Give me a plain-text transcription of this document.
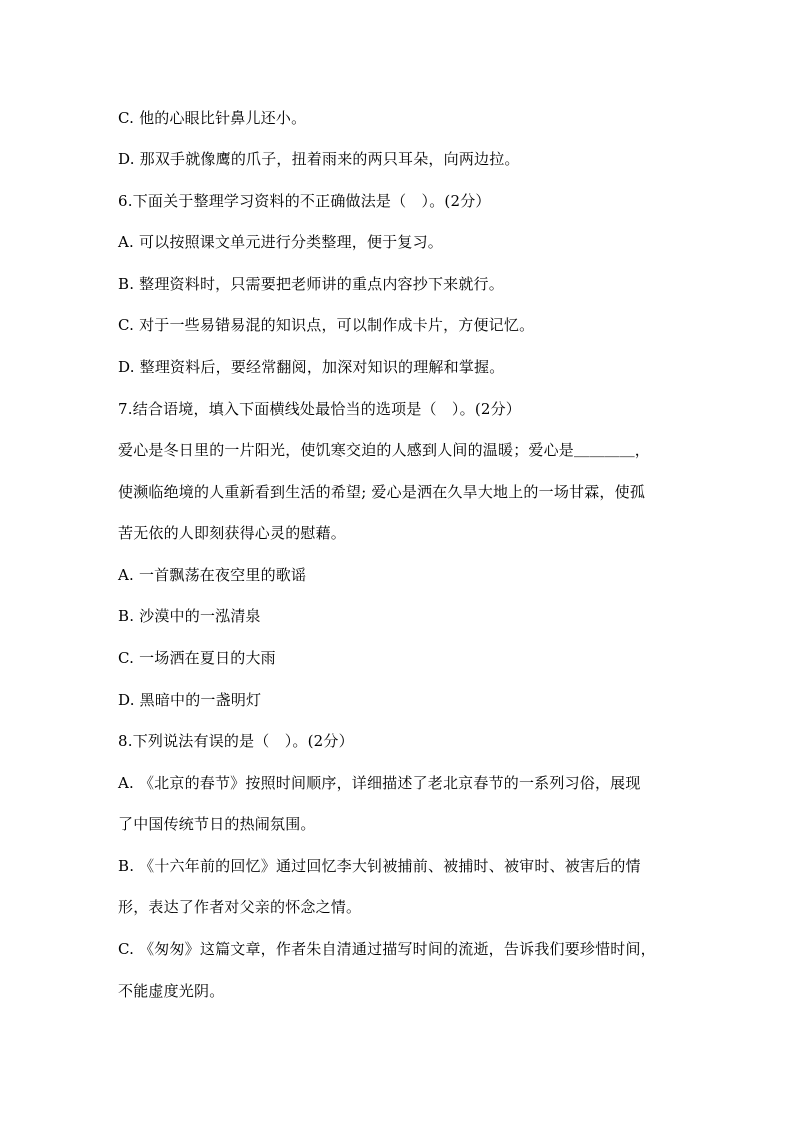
C. 他的心眼比针鼻儿还小。
D. 那双手就像鹰的爪子，扭着雨来的两只耳朵，向两边拉。
6.下面关于整理学习资料的不正确做法是（　）。(2分）
A. 可以按照课文单元进行分类整理，便于复习。
B. 整理资料时，只需要把老师讲的重点内容抄下来就行。
C. 对于一些易错易混的知识点，可以制作成卡片，方便记忆。
D. 整理资料后，要经常翻阅，加深对知识的理解和掌握。
7.结合语境，填入下面横线处最恰当的选项是（　）。(2分）
爱心是冬日里的一片阳光，使饥寒交迫的人感到人间的温暖；爱心是＿＿＿＿，
使濒临绝境的人重新看到生活的希望; 爱心是洒在久旱大地上的一场甘霖，使孤
苦无依的人即刻获得心灵的慰藉。
A. 一首飘荡在夜空里的歌谣
B. 沙漠中的一泓清泉
C. 一场洒在夏日的大雨
D. 黑暗中的一盏明灯
8.下列说法有误的是（　）。(2分）
A. 《北京的春节》按照时间顺序，详细描述了老北京春节的一系列习俗，展现
了中国传统节日的热闹氛围。
B. 《十六年前的回忆》通过回忆李大钊被捕前、被捕时、被审时、被害后的情
形，表达了作者对父亲的怀念之情。
C. 《匆匆》这篇文章，作者朱自清通过描写时间的流逝，告诉我们要珍惜时间，
不能虚度光阴。
